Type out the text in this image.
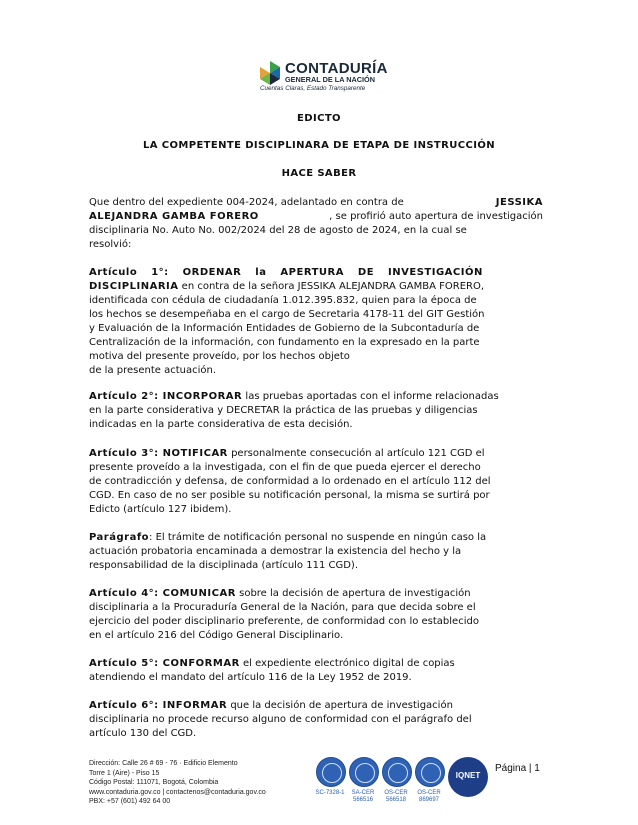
CONTADURÍA
GENERAL DE LA NACIÓN
Cuentas Claras, Estado Transparente
EDICTO
LA COMPETENTE DISCIPLINARA DE ETAPA DE INSTRUCCIÓN
HACE SABER
Que dentro del expediente 004-2024, adelantado en contra de	JESSIKA
ALEJANDRA GAMBA FORERO	, se profirió auto apertura de investigación
disciplinaria No. Auto No. 002/2024 del 28 de agosto de 2024, en la cual se
resolvió:
Artículo 1°: ORDENAR la APERTURA DE INVESTIGACIÓN
DISCIPLINARIA en contra de la señora JESSIKA ALEJANDRA GAMBA FORERO,
identificada con cédula de ciudadanía 1.012.395.832, quien para la época de
los hechos se desempeñaba en el cargo de Secretaria 4178-11 del GIT Gestión
y Evaluación de la Información Entidades de Gobierno de la Subcontaduría de
Centralización de la información, con fundamento en la expresado en la parte
motiva del presente proveído, por los hechos objeto
de la presente actuación.
Artículo 2°: INCORPORAR las pruebas aportadas con el informe relacionadas
en la parte considerativa y DECRETAR la práctica de las pruebas y diligencias
indicadas en la parte considerativa de esta decisión.
Artículo 3°: NOTIFICAR personalmente consecución al artículo 121 CGD el
presente proveído a la investigada, con el fin de que pueda ejercer el derecho
de contradicción y defensa, de conformidad a lo ordenado en el artículo 112 del
CGD. En caso de no ser posible su notificación personal, la misma se surtirá por
Edicto (artículo 127 ibidem).
Parágrafo: El trámite de notificación personal no suspende en ningún caso la
actuación probatoria encaminada a demostrar la existencia del hecho y la
responsabilidad de la disciplinada (artículo 111 CGD).
Artículo 4°: COMUNICAR sobre la decisión de apertura de investigación
disciplinaria a la Procuraduría General de la Nación, para que decida sobre el
ejercicio del poder disciplinario preferente, de conformidad con lo establecido
en el artículo 216 del Código General Disciplinario.
Artículo 5°: CONFORMAR el expediente electrónico digital de copias
atendiendo el mandato del artículo 116 de la Ley 1952 de 2019.
Artículo 6°: INFORMAR que la decisión de apertura de investigación
disciplinaria no procede recurso alguno de conformidad con el parágrafo del
artículo 130 del CGD.
Dirección: Calle 26 # 69 - 76 · Edificio Elemento
Torre 1 (Aire) - Piso 15
Código Postal: 111071, Bogotá, Colombia
www.contaduria.gov.co | contactenos@contaduria.gov.co
PBX: +57 (601) 492 64 00
SC-7328-1	SA-CER 566516
OS-CER 566518
OS-CER 869697
IQNET
Página | 1
